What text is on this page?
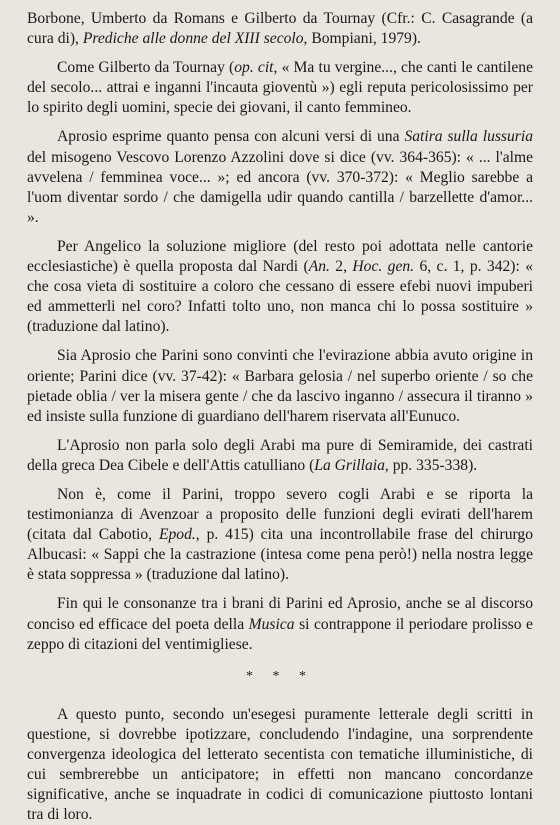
Borbone, Umberto da Romans e Gilberto da Tournay (Cfr.: C. Casagrande (a cura di), Prediche alle donne del XIII secolo, Bompiani, 1979).

Come Gilberto da Tournay (op. cit, « Ma tu vergine..., che canti le cantilene del secolo... attrai e inganni l'incauta gioventù ») egli reputa pericolosissimo per lo spirito degli uomini, specie dei giovani, il canto femmineo.

Aprosio esprime quanto pensa con alcuni versi di una Satira sulla lussuria del misogeno Vescovo Lorenzo Azzolini dove si dice (vv. 364-365): « ... l'alme avvelena / femminea voce... »; ed ancora (vv. 370-372): « Meglio sarebbe a l'uom diventar sordo / che damigella udir quando cantilla / barzellette d'amor... ».

Per Angelico la soluzione migliore (del resto poi adottata nelle cantorie ecclesiastiche) è quella proposta dal Nardi (An. 2, Hoc. gen. 6, c. 1, p. 342): « che cosa vieta di sostituire a coloro che cessano di essere efebi nuovi impuberi ed ammetterli nel coro? Infatti tolto uno, non manca chi lo possa sostituire » (traduzione dal latino).

Sia Aprosio che Parini sono convinti che l'evirazione abbia avuto origine in oriente; Parini dice (vv. 37-42): « Barbara gelosia / nel superbo oriente / so che pietade oblia / ver la misera gente / che da lascivo inganno / assecura il tiranno » ed insiste sulla funzione di guardiano dell'harem riservata all'Eunuco.

L'Aprosio non parla solo degli Arabi ma pure di Semiramide, dei castrati della greca Dea Cibele e dell'Attis catulliano (La Grillaia, pp. 335-338).

Non è, come il Parini, troppo severo cogli Arabi e se riporta la testimonianza di Avenzoar a proposito delle funzioni degli evirati dell'harem (citata dal Cabotio, Epod., p. 415) cita una incontrollabile frase del chirurgo Albucasi: « Sappi che la castrazione (intesa come pena però!) nella nostra legge è stata soppressa » (traduzione dal latino).

Fin qui le consonanze tra i brani di Parini ed Aprosio, anche se al discorso conciso ed efficace del poeta della Musica si contrappone il periodare prolisso e zeppo di citazioni del ventimigliese.

* * *

A questo punto, secondo un'esegesi puramente letterale degli scritti in questione, si dovrebbe ipotizzare, concludendo l'indagine, una sorprendente convergenza ideologica del letterato secentista con tematiche illuministiche, di cui sembrerebbe un anticipatore; in effetti non mancano concordanze significative, anche se inquadrate in codici di comunicazione piuttosto lontani tra di loro.
